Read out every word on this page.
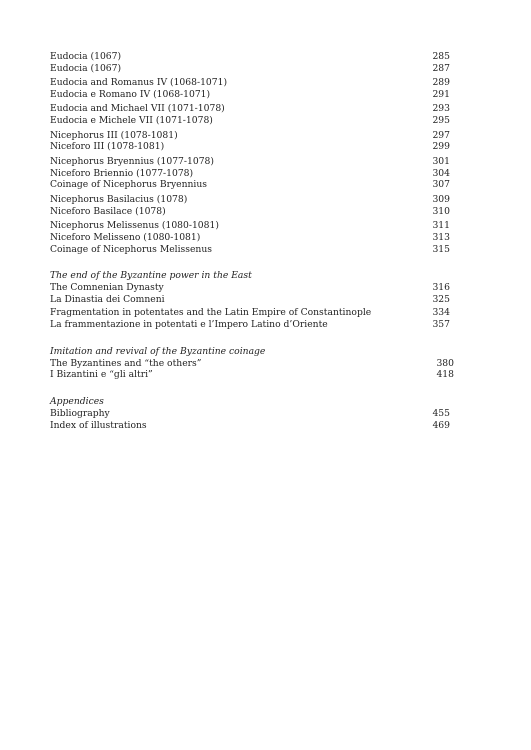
Eudocia (1067)	285
Eudocia (1067)	287
Eudocia and Romanus IV (1068-1071)	289
Eudocia e Romano IV (1068-1071)	291
Eudocia and Michael VII (1071-1078)	293
Eudocia e Michele VII (1071-1078)	295
Nicephorus III (1078-1081)	297
Niceforo III (1078-1081)	299
Nicephorus Bryennius (1077-1078)	301
Niceforo Briennio (1077-1078)	304
Coinage of Nicephorus Bryennius	307
Nicephorus Basilacius (1078)	309
Niceforo Basilace (1078)	310
Nicephorus Melissenus (1080-1081)	311
Niceforo Melisseno (1080-1081)	313
Coinage of Nicephorus Melissenus	315
The end of the Byzantine power in the East
The Comnenian Dynasty	316
La Dinastia dei Comneni	325
Fragmentation in potentates and the Latin Empire of Constantinople	334
La frammentazione in potentati e l’Impero Latino d’Oriente	357
Imitation and revival of the Byzantine coinage
The Byzantines and “the others”	380
I Bizantini e “gli altri”	418
Appendices
Bibliography	455
Index of illustrations	469
